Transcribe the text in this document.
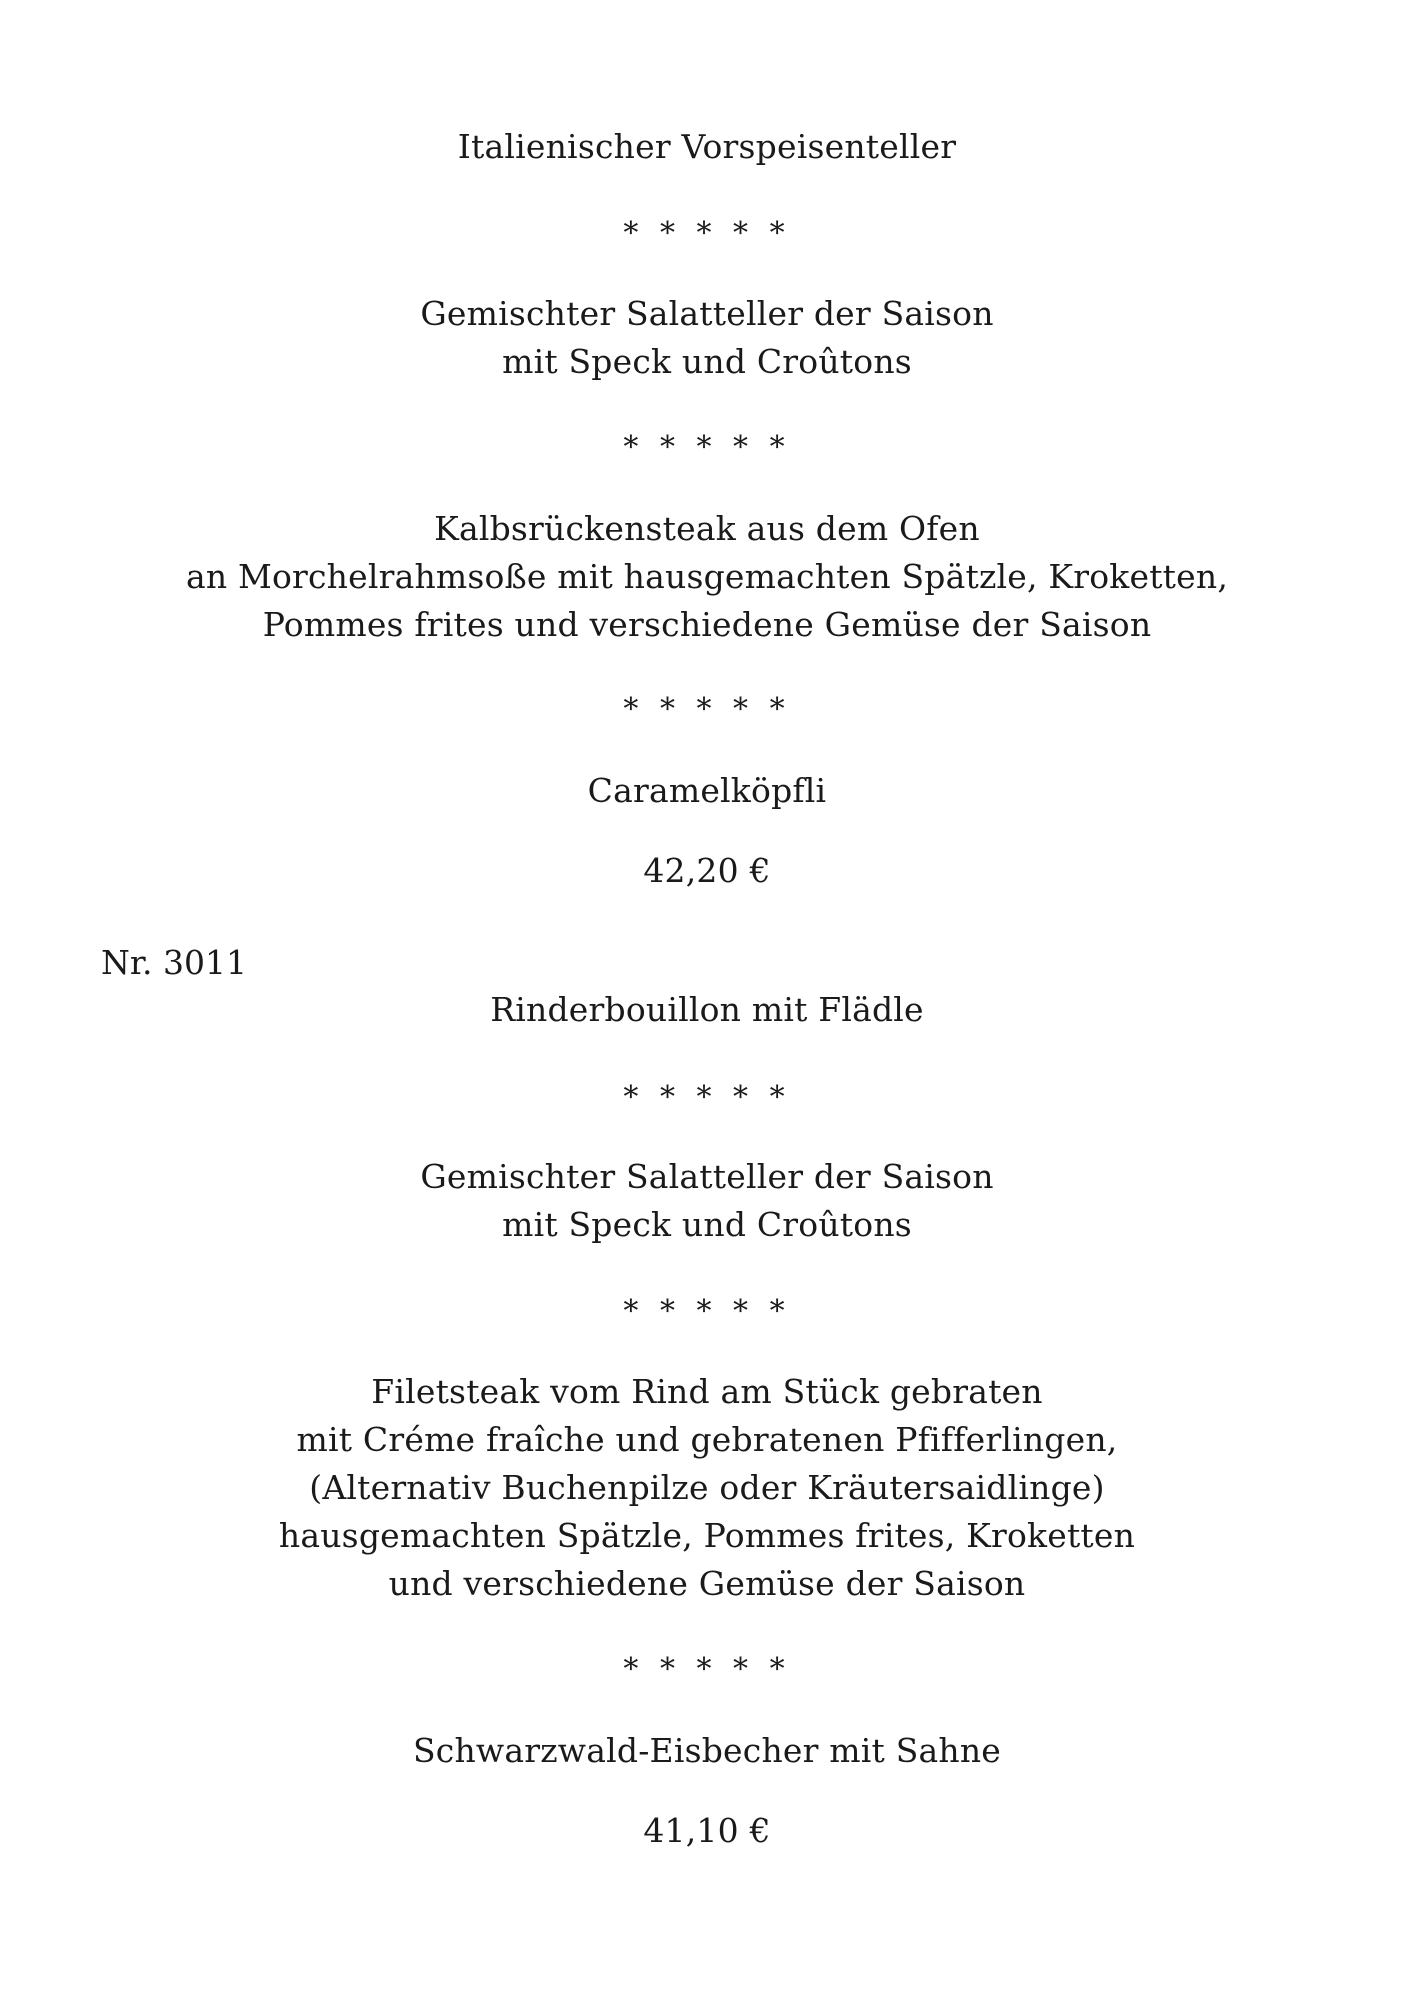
Italienischer Vorspeisenteller
* * * * *
Gemischter Salatteller der Saison
mit Speck und Croûtons
* * * * *
Kalbsrückensteak aus dem Ofen
an Morchelrahmsoße mit hausgemachten Spätzle, Kroketten,
Pommes frites und verschiedene Gemüse der Saison
* * * * *
Caramelköpfli
42,20 €
Nr. 3011
Rinderbouillon mit Flädle
* * * * *
Gemischter Salatteller der Saison
mit Speck und Croûtons
* * * * *
Filetsteak vom Rind am Stück gebraten
mit Créme fraîche und gebratenen Pfifferlingen,
(Alternativ Buchenpilze oder Kräutersaidlinge)
hausgemachten Spätzle, Pommes frites, Kroketten
und verschiedene Gemüse der Saison
* * * * *
Schwarzwald-Eisbecher mit Sahne
41,10 €
